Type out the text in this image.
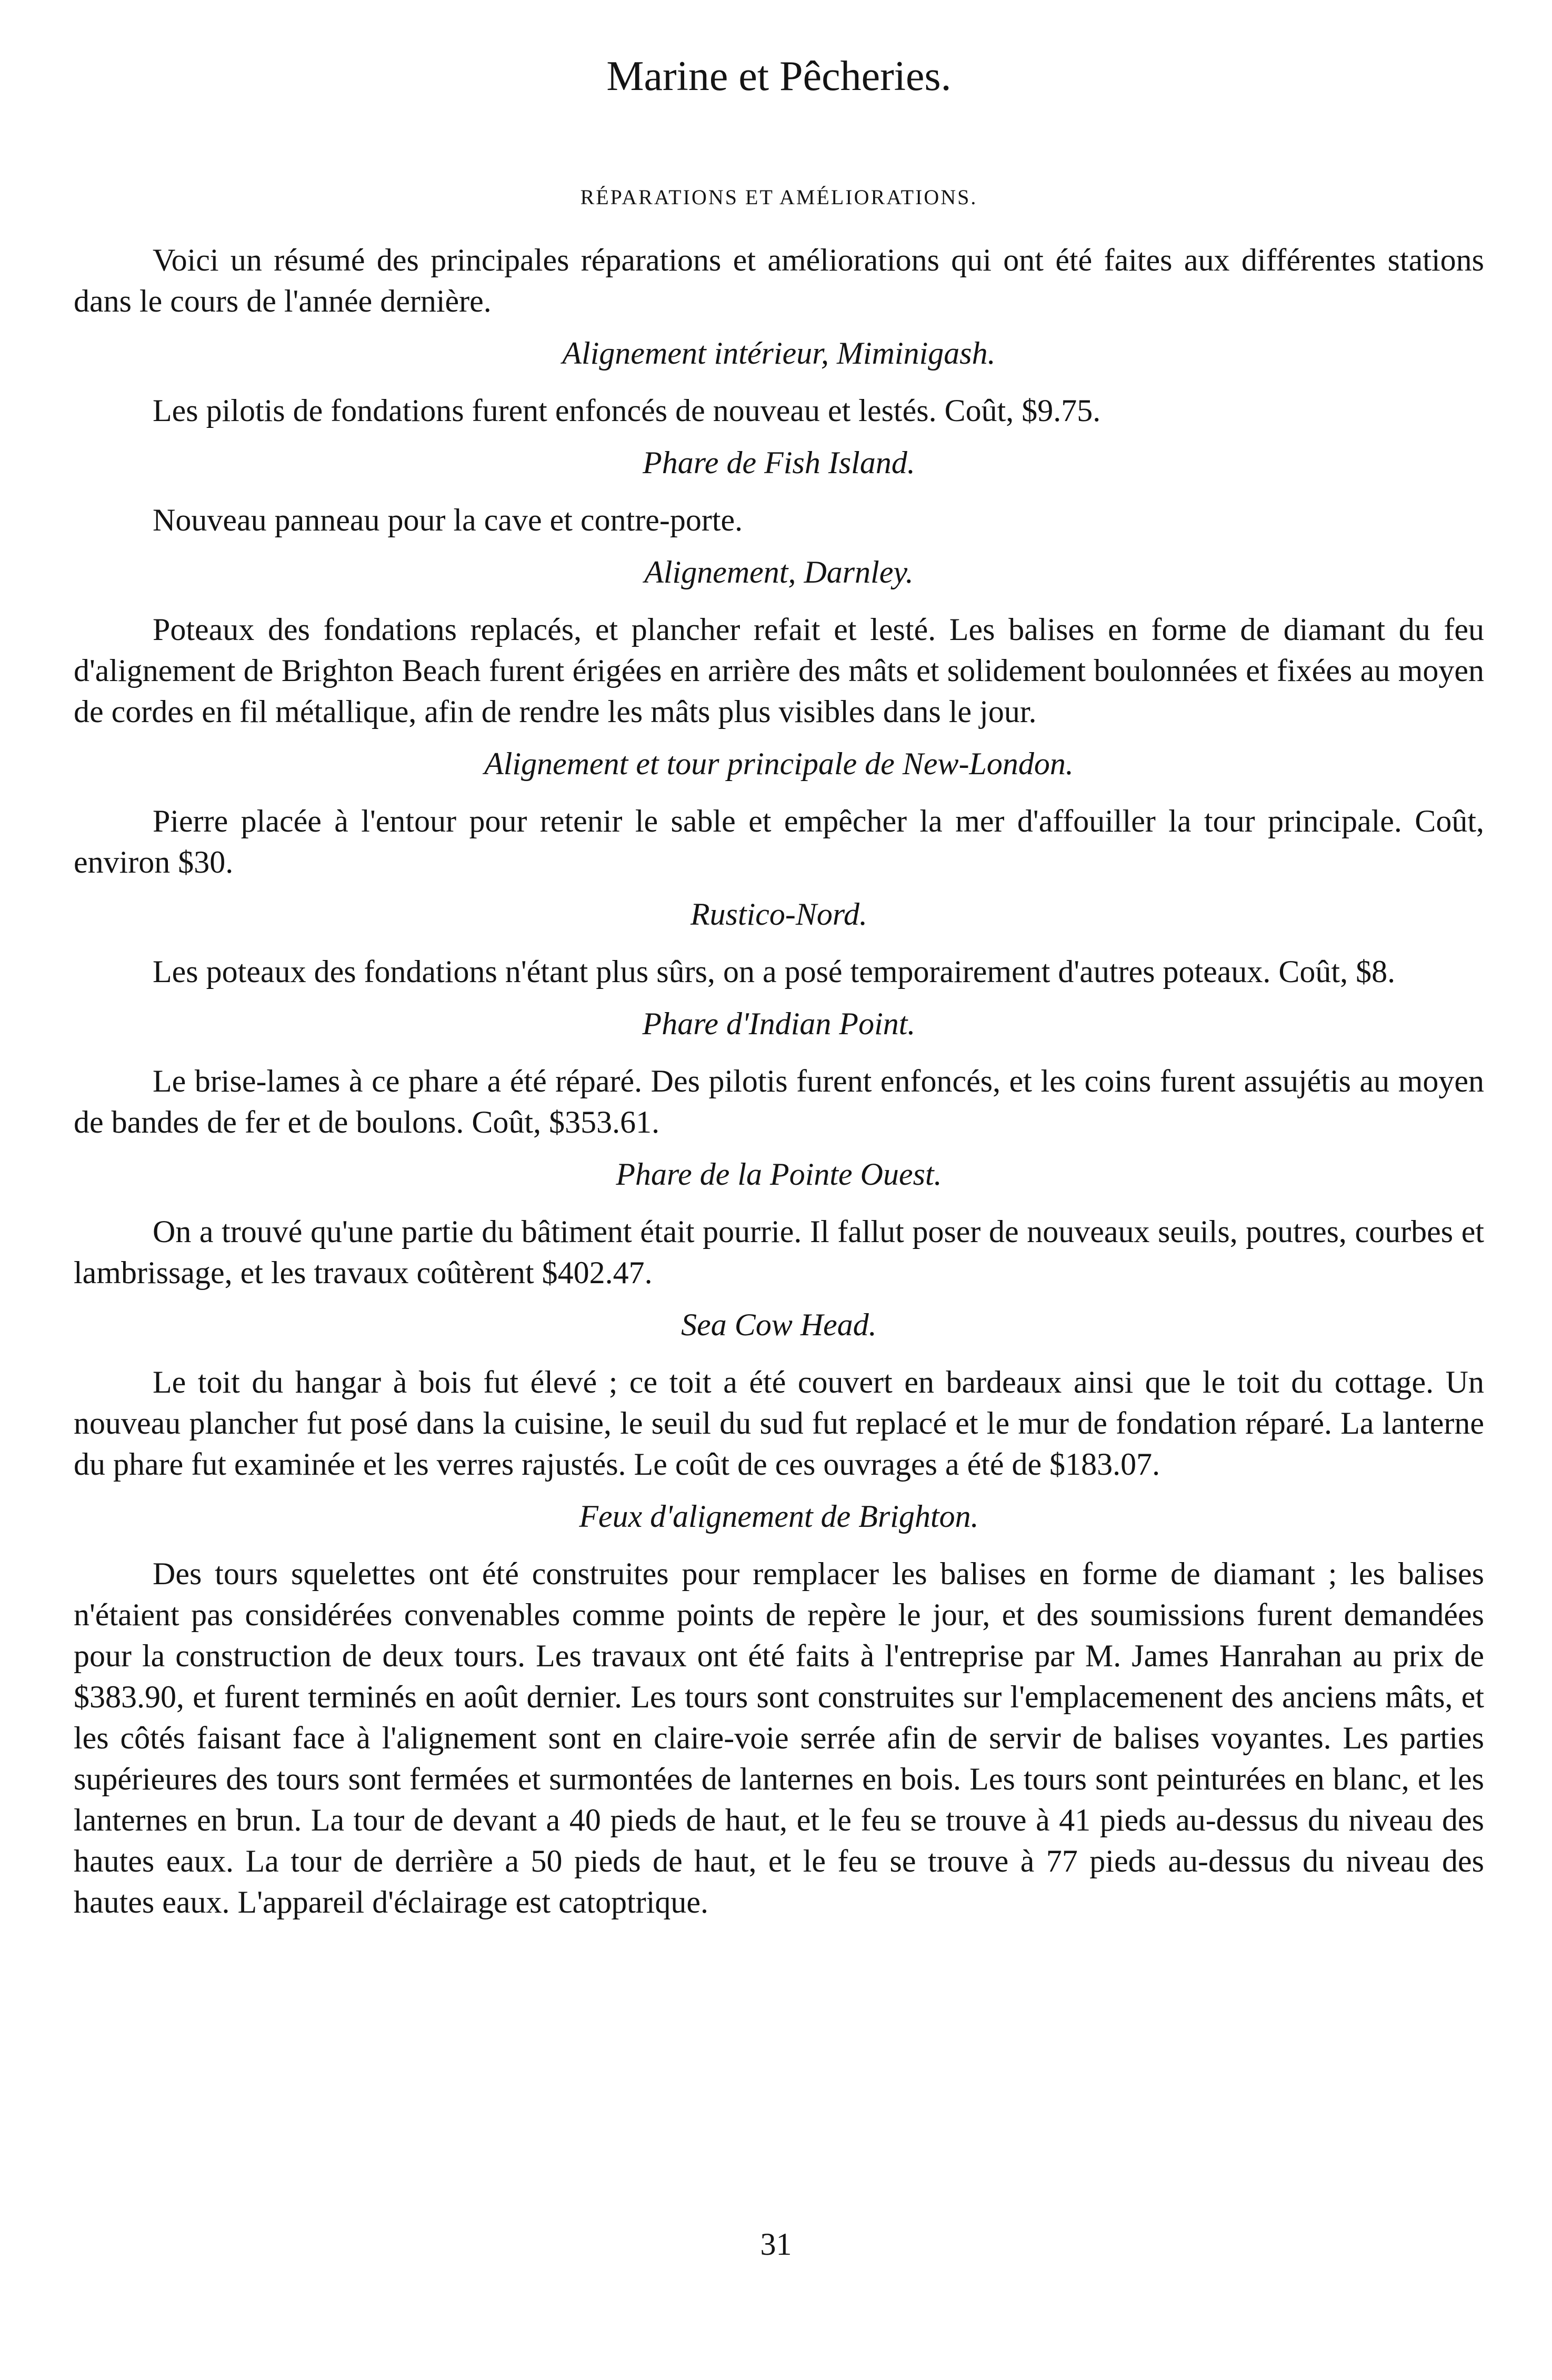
Marine et Pêcheries.
RÉPARATIONS ET AMÉLIORATIONS.

Voici un résumé des principales réparations et améliorations qui ont été faites aux différentes stations dans le cours de l'année dernière.

Alignement intérieur, Miminigash.

Les pilotis de fondations furent enfoncés de nouveau et lestés. Coût, $9.75.

Phare de Fish Island.

Nouveau panneau pour la cave et contre-porte.

Alignement, Darnley.

Poteaux des fondations replacés, et plancher refait et lesté. Les balises en forme de diamant du feu d'alignement de Brighton Beach furent érigées en arrière des mâts et solidement boulonnées et fixées au moyen de cordes en fil métallique, afin de rendre les mâts plus visibles dans le jour.

Alignement et tour principale de New-London.

Pierre placée à l'entour pour retenir le sable et empêcher la mer d'affouiller la tour principale. Coût, environ $30.

Rustico-Nord.

Les poteaux des fondations n'étant plus sûrs, on a posé temporairement d'autres poteaux. Coût, $8.

Phare d'Indian Point.

Le brise-lames à ce phare a été réparé. Des pilotis furent enfoncés, et les coins furent assujétis au moyen de bandes de fer et de boulons. Coût, $353.61.

Phare de la Pointe Ouest.

On a trouvé qu'une partie du bâtiment était pourrie. Il fallut poser de nouveaux seuils, poutres, courbes et lambrissage, et les travaux coûtèrent $402.47.

Sea Cow Head.

Le toit du hangar à bois fut élevé ; ce toit a été couvert en bardeaux ainsi que le toit du cottage. Un nouveau plancher fut posé dans la cuisine, le seuil du sud fut replacé et le mur de fondation réparé. La lanterne du phare fut examinée et les verres rajustés. Le coût de ces ouvrages a été de $183.07.

Feux d'alignement de Brighton.

Des tours squelettes ont été construites pour remplacer les balises en forme de diamant ; les balises n'étaient pas considérées convenables comme points de repère le jour, et des soumissions furent demandées pour la construction de deux tours. Les travaux ont été faits à l'entreprise par M. James Hanrahan au prix de $383.90, et furent terminés en août dernier. Les tours sont construites sur l'emplacemenent des anciens mâts, et les côtés faisant face à l'alignement sont en claire-voie serrée afin de servir de balises voyantes. Les parties supérieures des tours sont fermées et surmontées de lanternes en bois. Les tours sont peinturées en blanc, et les lanternes en brun. La tour de devant a 40 pieds de haut, et le feu se trouve à 41 pieds au-dessus du niveau des hautes eaux. La tour de derrière a 50 pieds de haut, et le feu se trouve à 77 pieds au-dessus du niveau des hautes eaux. L'appareil d'éclairage est catoptrique.

31
